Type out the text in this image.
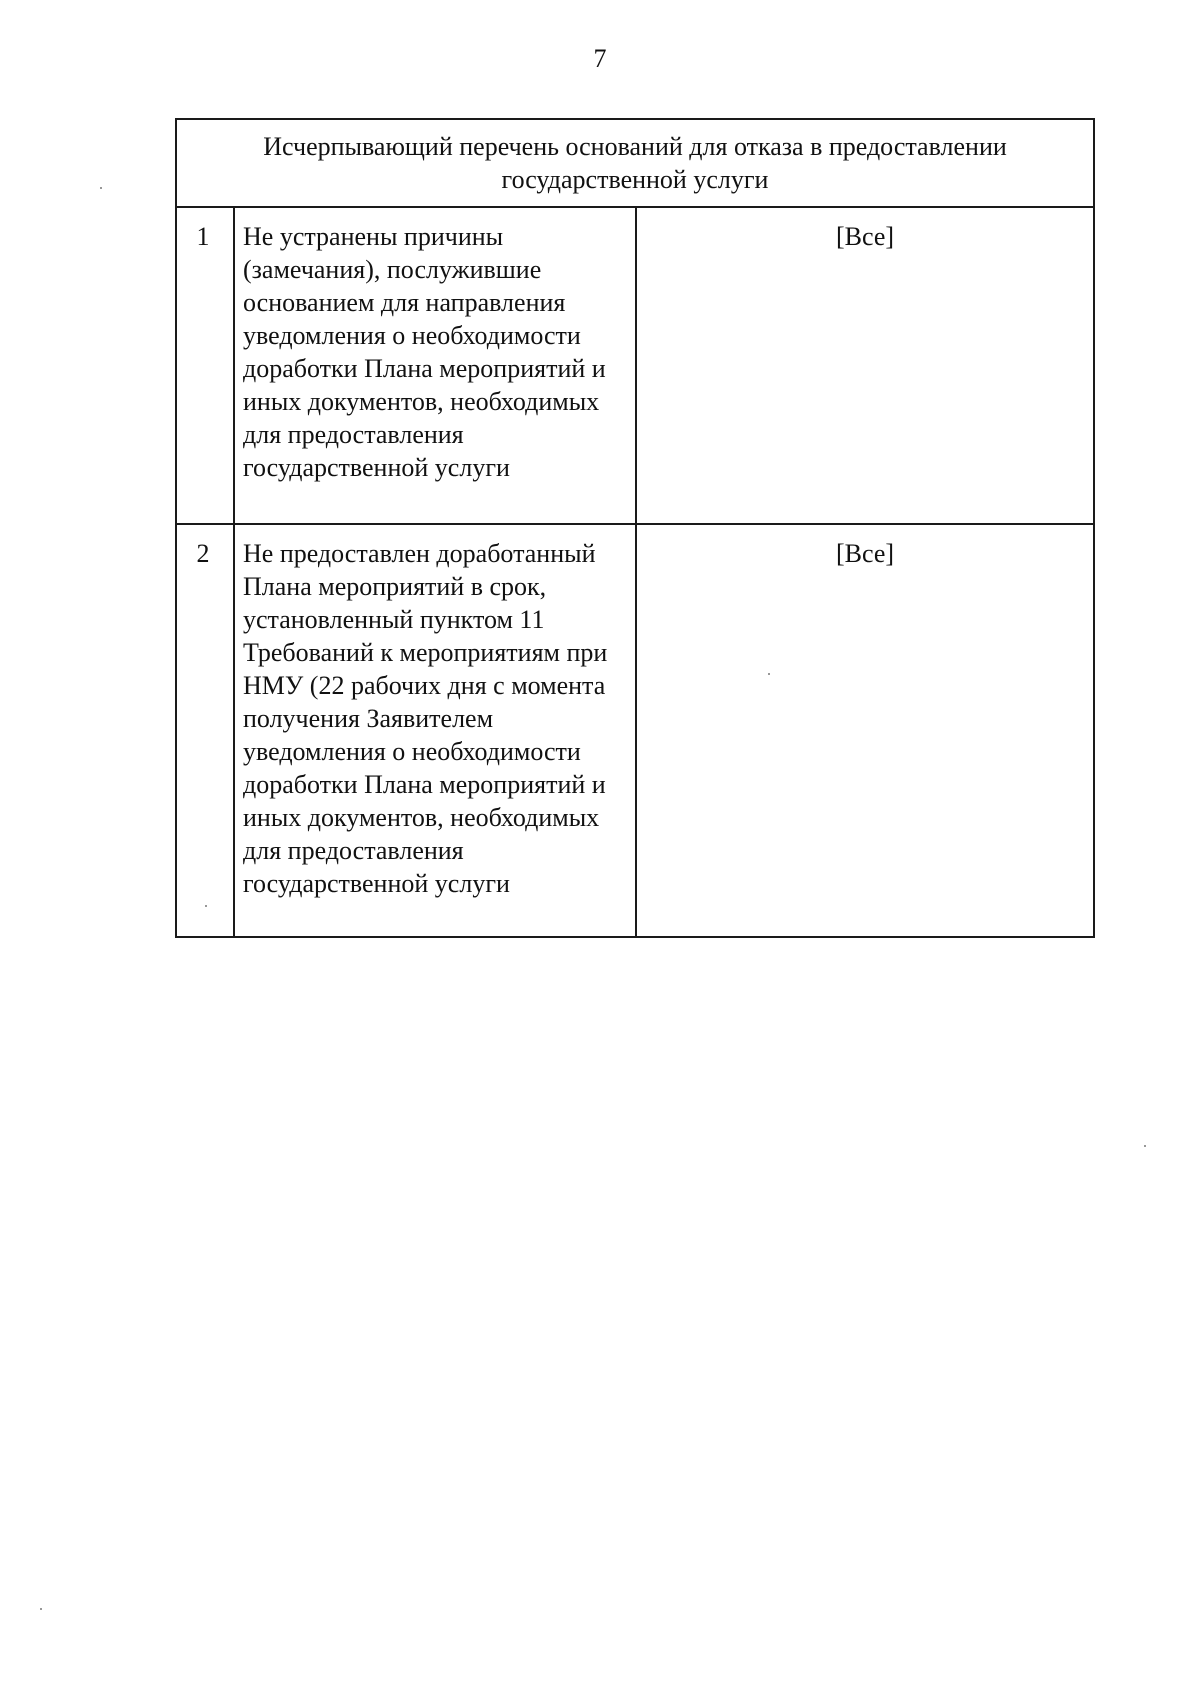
7
Исчерпывающий перечень оснований для отказа в предоставлении государственной услуги		
1	Не устранены причины (замечания), послужившие основанием для направления уведомления о необходимости доработки Плана мероприятий и иных документов, необходимых для предоставления государственной услуги	[Все]
2	Не предоставлен доработанный Плана мероприятий в срок, установленный пунктом 11 Требований к мероприятиям при НМУ (22 рабочих дня с момента получения Заявителем уведомления о необходимости доработки Плана мероприятий и иных документов, необходимых для предоставления государственной услуги	[Все]
